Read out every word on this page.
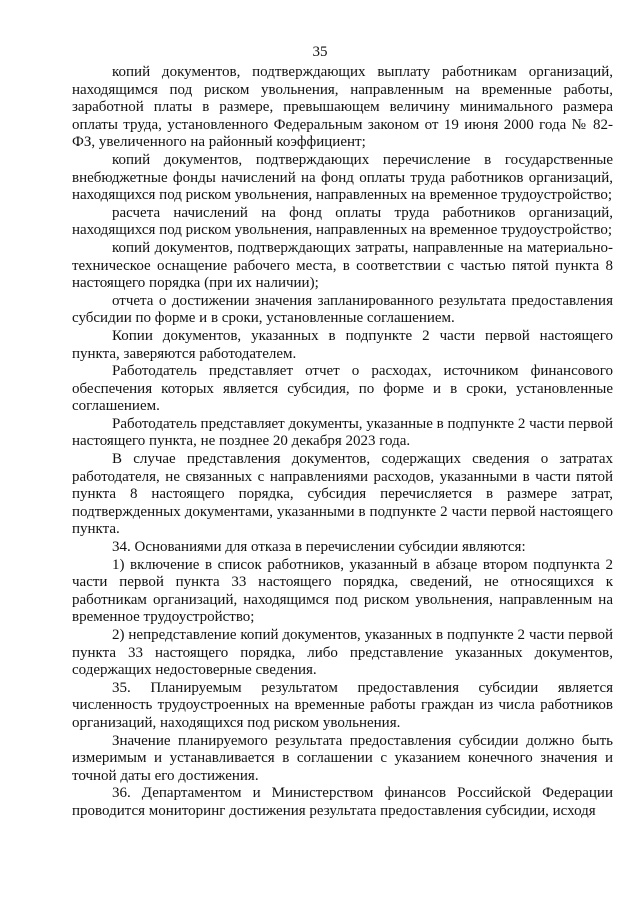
35

копий документов, подтверждающих выплату работникам организаций, находящимся под риском увольнения, направленным на временные работы, заработной платы в размере, превышающем величину минимального размера оплаты труда, установленного Федеральным законом от 19 июня 2000 года № 82-ФЗ, увеличенного на районный коэффициент;

копий документов, подтверждающих перечисление в государственные внебюджетные фонды начислений на фонд оплаты труда работников организаций, находящихся под риском увольнения, направленных на временное трудоустройство;

расчета начислений на фонд оплаты труда работников организаций, находящихся под риском увольнения, направленных на временное трудоустройство;

копий документов, подтверждающих затраты, направленные на материально-техническое оснащение рабочего места, в соответствии с частью пятой пункта 8 настоящего порядка (при их наличии);

отчета о достижении значения запланированного результата предоставления субсидии по форме и в сроки, установленные соглашением.

Копии документов, указанных в подпункте 2 части первой настоящего пункта, заверяются работодателем.

Работодатель представляет отчет о расходах, источником финансового обеспечения которых является субсидия, по форме и в сроки, установленные соглашением.

Работодатель представляет документы, указанные в подпункте 2 части первой настоящего пункта, не позднее 20 декабря 2023 года.

В случае представления документов, содержащих сведения о затратах работодателя, не связанных с направлениями расходов, указанными в части пятой пункта 8 настоящего порядка, субсидия перечисляется в размере затрат, подтвержденных документами, указанными в подпункте 2 части первой настоящего пункта.

34. Основаниями для отказа в перечислении субсидии являются:

1) включение в список работников, указанный в абзаце втором подпункта 2 части первой пункта 33 настоящего порядка, сведений, не относящихся к работникам организаций, находящимся под риском увольнения, направленным на временное трудоустройство;

2) непредставление копий документов, указанных в подпункте 2 части первой пункта 33 настоящего порядка, либо представление указанных документов, содержащих недостоверные сведения.

35. Планируемым результатом предоставления субсидии является численность трудоустроенных на временные работы граждан из числа работников организаций, находящихся под риском увольнения.

Значение планируемого результата предоставления субсидии должно быть измеримым и устанавливается в соглашении с указанием конечного значения и точной даты его достижения.

36. Департаментом и Министерством финансов Российской Федерации проводится мониторинг достижения результата предоставления субсидии, исходя
